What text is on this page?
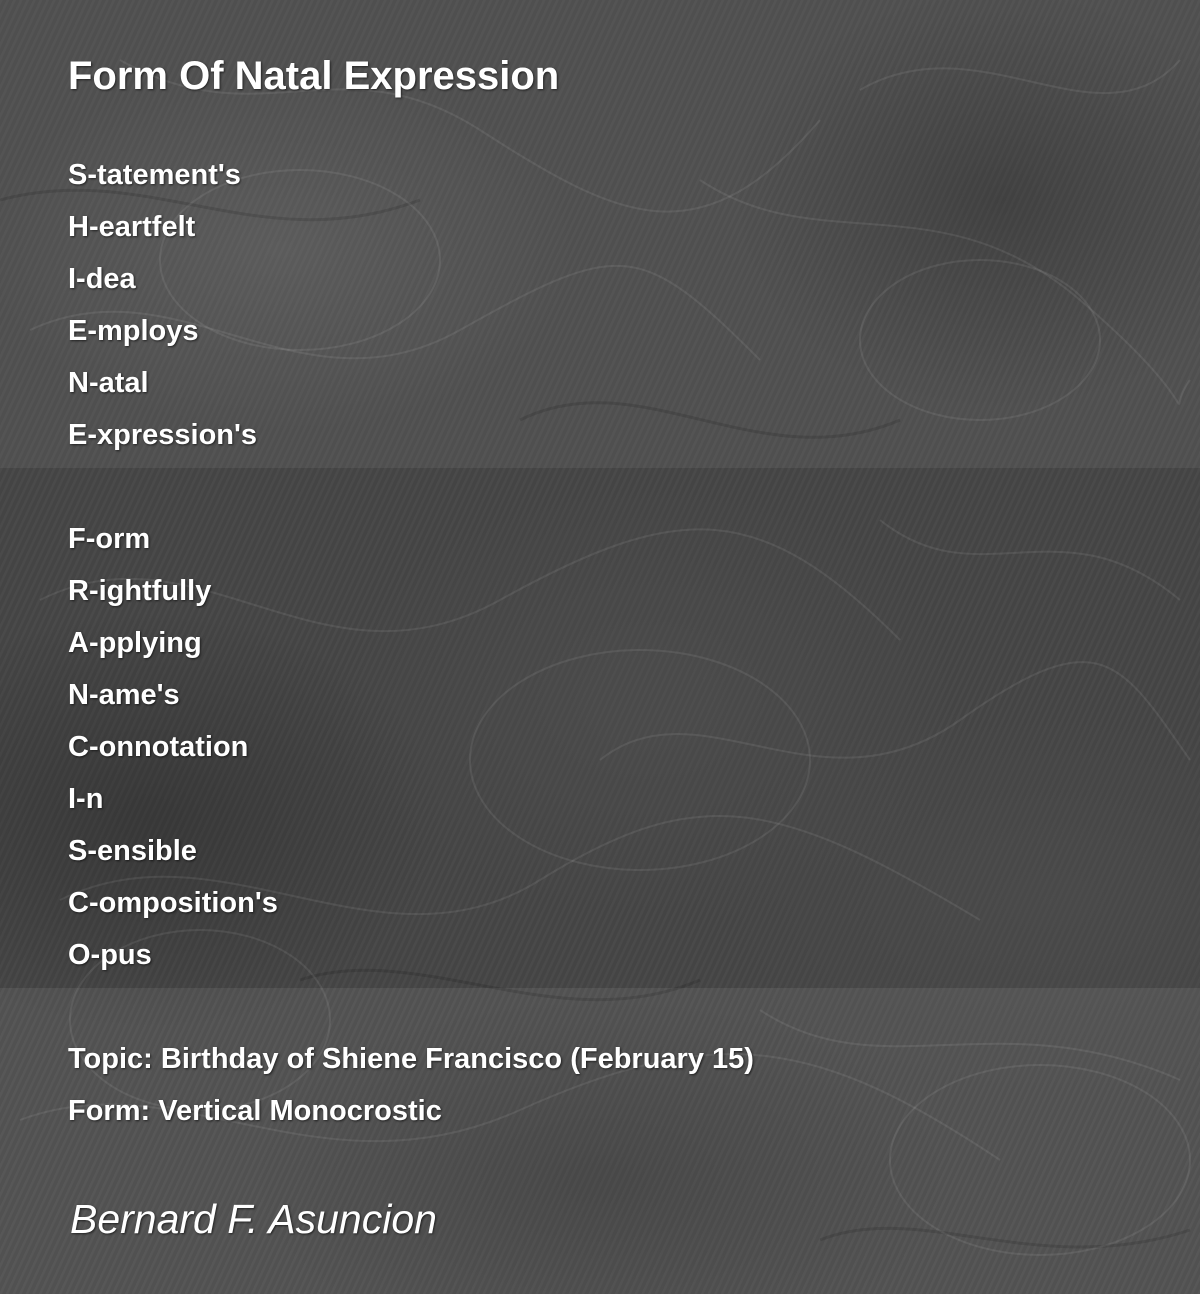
Form Of Natal Expression
S-tatement's
H-eartfelt
I-dea
E-mploys
N-atal
E-xpression's
F-orm
R-ightfully
A-pplying
N-ame's
C-onnotation
I-n
S-ensible
C-omposition's
O-pus
Topic: Birthday of Shiene Francisco (February 15)
Form: Vertical Monocrostic
Bernard F. Asuncion
